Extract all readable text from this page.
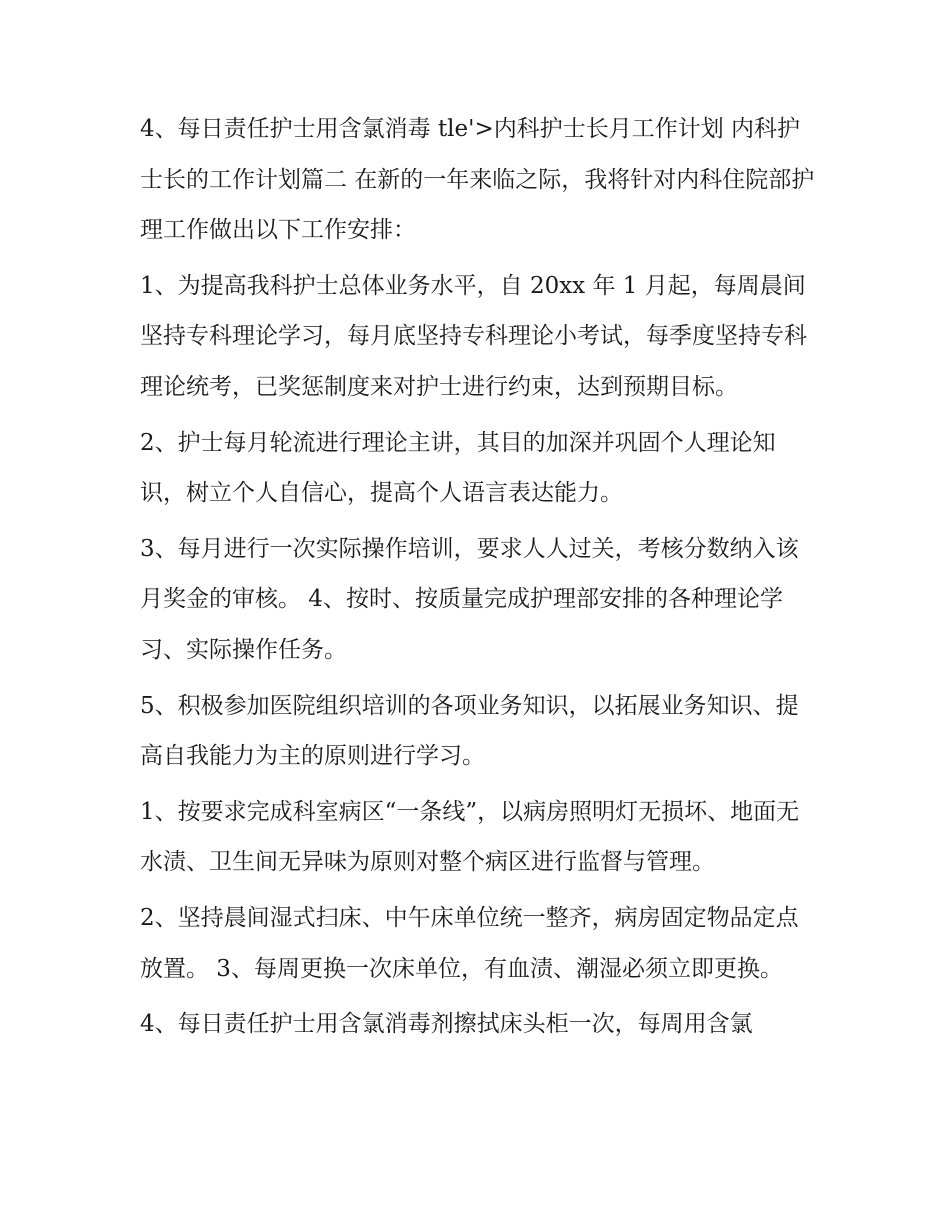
4、每日责任护士用含氯消毒 tle'>内科护士长月工作计划 内科护士长的工作计划篇二 在新的一年来临之际，我将针对内科住院部护理工作做出以下工作安排：

1、为提高我科护士总体业务水平，自 20xx 年 1 月起，每周晨间坚持专科理论学习，每月底坚持专科理论小考试，每季度坚持专科理论统考，已奖惩制度来对护士进行约束，达到预期目标。

2、护士每月轮流进行理论主讲，其目的加深并巩固个人理论知识，树立个人自信心，提高个人语言表达能力。

3、每月进行一次实际操作培训，要求人人过关，考核分数纳入该月奖金的审核。 4、按时、按质量完成护理部安排的各种理论学习、实际操作任务。

5、积极参加医院组织培训的各项业务知识，以拓展业务知识、提高自我能力为主的原则进行学习。

1、按要求完成科室病区“一条线”，以病房照明灯无损坏、地面无水渍、卫生间无异味为原则对整个病区进行监督与管理。

2、坚持晨间湿式扫床、中午床单位统一整齐，病房固定物品定点放置。 3、每周更换一次床单位，有血渍、潮湿必须立即更换。

4、每日责任护士用含氯消毒剂擦拭床头柜一次，每周用含氯
